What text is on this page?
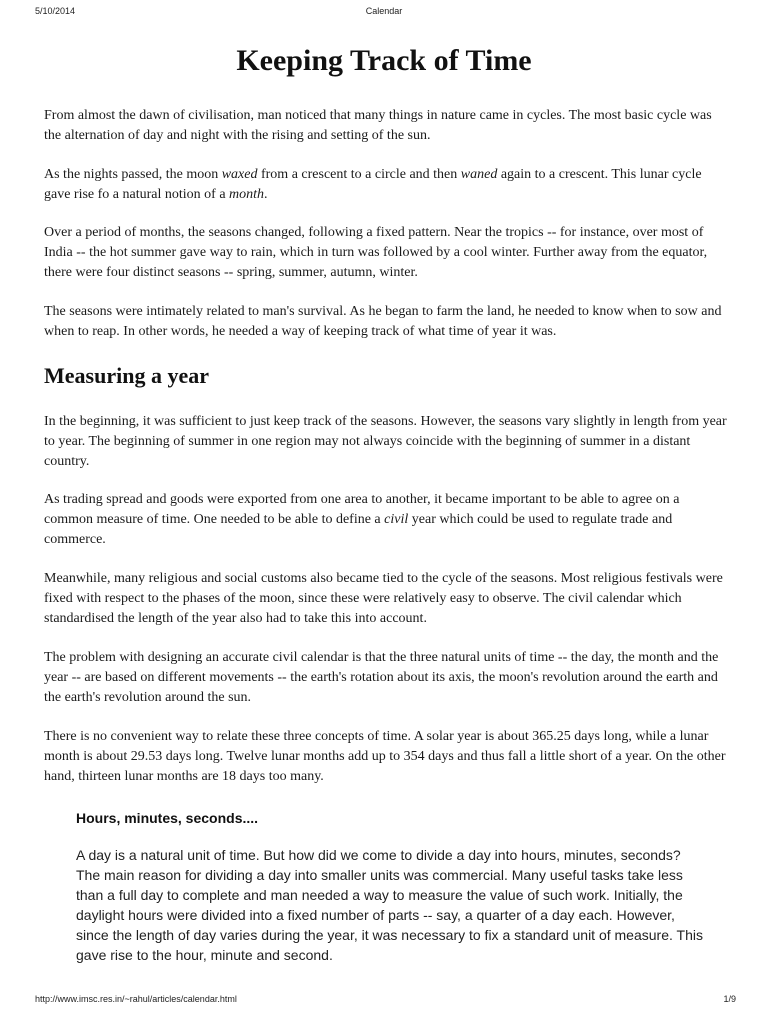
5/10/2014	Calendar
Keeping Track of Time

From almost the dawn of civilisation, man noticed that many things in nature came in cycles. The most basic cycle was the alternation of day and night with the rising and setting of the sun.

As the nights passed, the moon waxed from a crescent to a circle and then waned again to a crescent. This lunar cycle gave rise fo a natural notion of a month.

Over a period of months, the seasons changed, following a fixed pattern. Near the tropics -- for instance, over most of India -- the hot summer gave way to rain, which in turn was followed by a cool winter. Further away from the equator, there were four distinct seasons -- spring, summer, autumn, winter.

The seasons were intimately related to man's survival. As he began to farm the land, he needed to know when to sow and when to reap. In other words, he needed a way of keeping track of what time of year it was.

Measuring a year

In the beginning, it was sufficient to just keep track of the seasons. However, the seasons vary slightly in length from year to year. The beginning of summer in one region may not always coincide with the beginning of summer in a distant country.

As trading spread and goods were exported from one area to another, it became important to be able to agree on a common measure of time. One needed to be able to define a civil year which could be used to regulate trade and commerce.

Meanwhile, many religious and social customs also became tied to the cycle of the seasons. Most religious festivals were fixed with respect to the phases of the moon, since these were relatively easy to observe. The civil calendar which standardised the length of the year also had to take this into account.

The problem with designing an accurate civil calendar is that the three natural units of time -- the day, the month and the year -- are based on different movements -- the earth's rotation about its axis, the moon's revolution around the earth and the earth's revolution around the sun.

There is no convenient way to relate these three concepts of time. A solar year is about 365.25 days long, while a lunar month is about 29.53 days long. Twelve lunar months add up to 354 days and thus fall a little short of a year. On the other hand, thirteen lunar months are 18 days too many.

Hours, minutes, seconds....

A day is a natural unit of time. But how did we come to divide a day into hours, minutes, seconds? The main reason for dividing a day into smaller units was commercial. Many useful tasks take less than a full day to complete and man needed a way to measure the value of such work. Initially, the daylight hours were divided into a fixed number of parts -- say, a quarter of a day each. However, since the length of day varies during the year, it was necessary to fix a standard unit of measure. This gave rise to the hour, minute and second.

http://www.imsc.res.in/~rahul/articles/calendar.html	1/9
